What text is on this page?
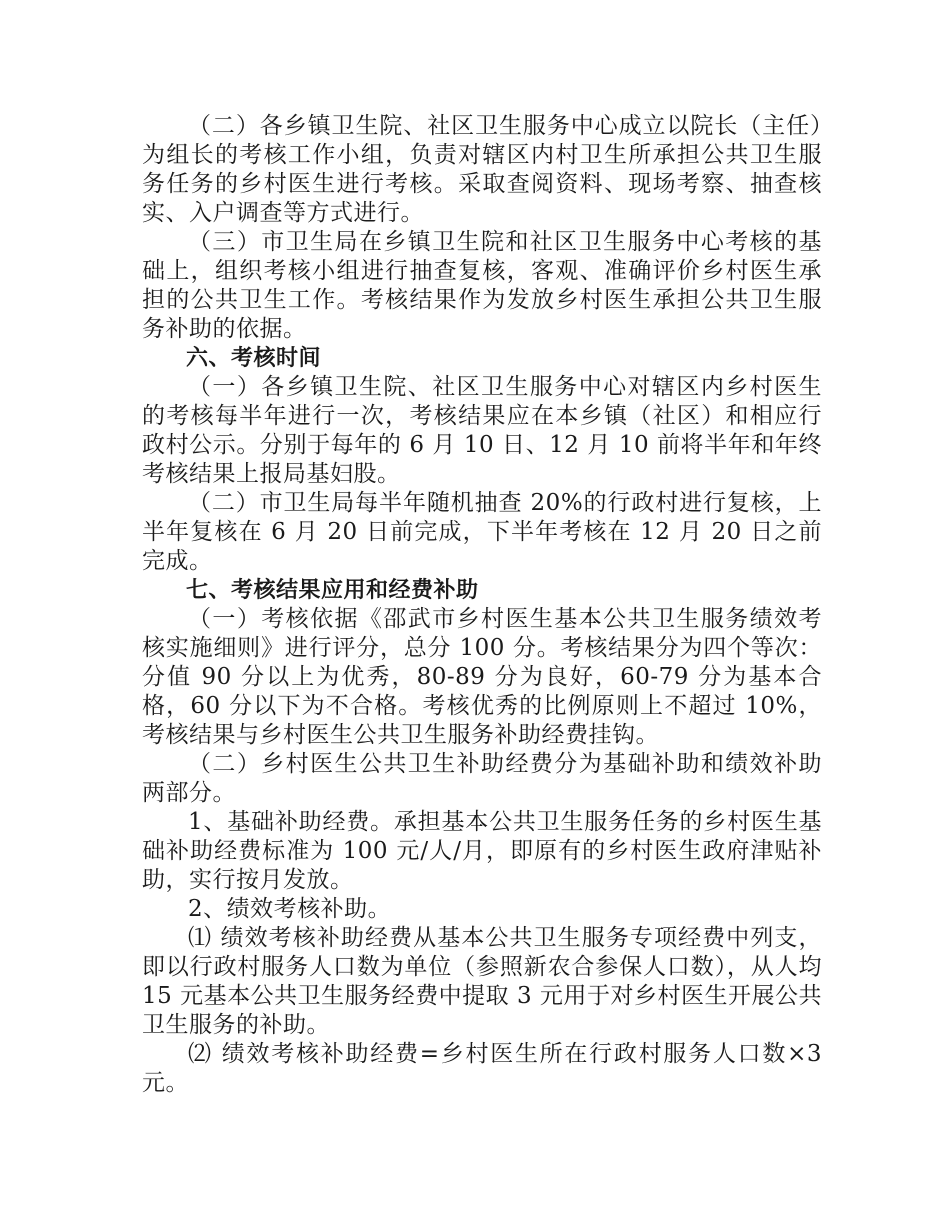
（二）各乡镇卫生院、社区卫生服务中心成立以院长（主任）为组长的考核工作小组，负责对辖区内村卫生所承担公共卫生服务任务的乡村医生进行考核。采取查阅资料、现场考察、抽查核实、入户调查等方式进行。

（三）市卫生局在乡镇卫生院和社区卫生服务中心考核的基础上，组织考核小组进行抽查复核，客观、准确评价乡村医生承担的公共卫生工作。考核结果作为发放乡村医生承担公共卫生服务补助的依据。

六、考核时间

（一）各乡镇卫生院、社区卫生服务中心对辖区内乡村医生的考核每半年进行一次，考核结果应在本乡镇（社区）和相应行政村公示。分别于每年的 6 月 10 日、12 月 10 前将半年和年终考核结果上报局基妇股。

（二）市卫生局每半年随机抽查 20%的行政村进行复核，上半年复核在 6 月 20 日前完成，下半年考核在 12 月 20 日之前完成。

七、考核结果应用和经费补助

（一）考核依据《邵武市乡村医生基本公共卫生服务绩效考核实施细则》进行评分，总分 100 分。考核结果分为四个等次：分值 90 分以上为优秀，80-89 分为良好，60-79 分为基本合格，60 分以下为不合格。考核优秀的比例原则上不超过 10%，考核结果与乡村医生公共卫生服务补助经费挂钩。

（二）乡村医生公共卫生补助经费分为基础补助和绩效补助两部分。

1、基础补助经费。承担基本公共卫生服务任务的乡村医生基础补助经费标准为 100 元/人/月，即原有的乡村医生政府津贴补助，实行按月发放。

2、绩效考核补助。

⑴ 绩效考核补助经费从基本公共卫生服务专项经费中列支，即以行政村服务人口数为单位（参照新农合参保人口数），从人均 15 元基本公共卫生服务经费中提取 3 元用于对乡村医生开展公共卫生服务的补助。

⑵ 绩效考核补助经费=乡村医生所在行政村服务人口数×3 元。
